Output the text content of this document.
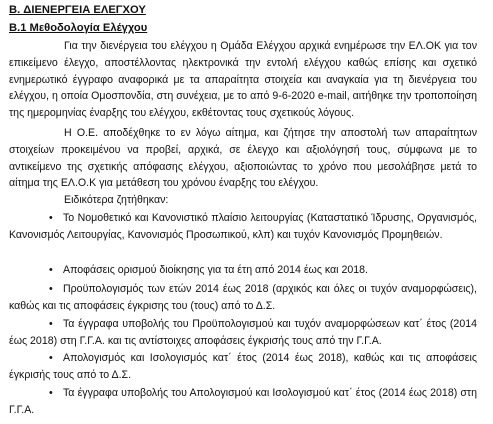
B. ΔΙΕΝΕΡΓΕΙΑ ΕΛΕΓΧΟΥ
B.1 Μεθοδολογία Ελέγχου

Για την διενέργεια του ελέγχου η Ομάδα Ελέγχου αρχικά ενημέρωσε την ΕΛ.ΟΚ για τον επικείμενο έλεγχο, αποστέλλοντας ηλεκτρονικά την εντολή ελέγχου καθώς επίσης και σχετικό ενημερωτικό έγγραφο αναφορικά με τα απαραίτητα στοιχεία και αναγκαία για τη διενέργεια του ελέγχου, η οποία Ομοσπονδία, στη συνέχεια, με το από 9-6-2020 e-mail, αιτήθηκε την τροποποίηση της ημερομηνίας έναρξης του ελέγχου, εκθέτοντας τους σχετικούς λόγους.

Η Ο.Ε. αποδέχθηκε το εν λόγω αίτημα, και ζήτησε την αποστολή των απαραίτητων στοιχείων προκειμένου να προβεί, αρχικά, σε έλεγχο και αξιολόγησή τους, σύμφωνα με το αντικείμενο της σχετικής απόφασης ελέγχου, αξιοποιώντας το χρόνο που μεσολάβησε μετά το αίτημα της ΕΛ.Ο.Κ για μετάθεση του χρόνου έναρξης του ελέγχου.

Ειδικότερα ζητήθηκαν:

• Το Νομοθετικό και Κανονιστικό πλαίσιο λειτουργίας (Καταστατικό Ίδρυσης, Οργανισμός, Κανονισμός Λειτουργίας, Κανονισμός Προσωπικού, κλπ) και τυχόν Κανονισμός Προμηθειών.

• Αποφάσεις ορισμού διοίκησης για τα έτη από 2014 έως και 2018.

• Προϋπολογισμός των ετών 2014 έως 2018 (αρχικός και όλες οι τυχόν αναμορφώσεις), καθώς και τις αποφάσεις έγκρισης του (τους) από το Δ.Σ.

• Τα έγγραφα υποβολής του Προϋπολογισμού και τυχόν αναμορφώσεων κατ΄ έτος (2014 έως 2018) στη Γ.Γ.Α. και τις αντίστοιχες αποφάσεις έγκρισής τους από την Γ.Γ.Α.

• Απολογισμός και Ισολογισμός κατ΄ έτος (2014 έως 2018), καθώς και τις αποφάσεις έγκρισής τους από το Δ.Σ.

• Τα έγγραφα υποβολής του Απολογισμού και Ισολογισμού κατ΄ έτος (2014 έως 2018) στη Γ.Γ.Α.
